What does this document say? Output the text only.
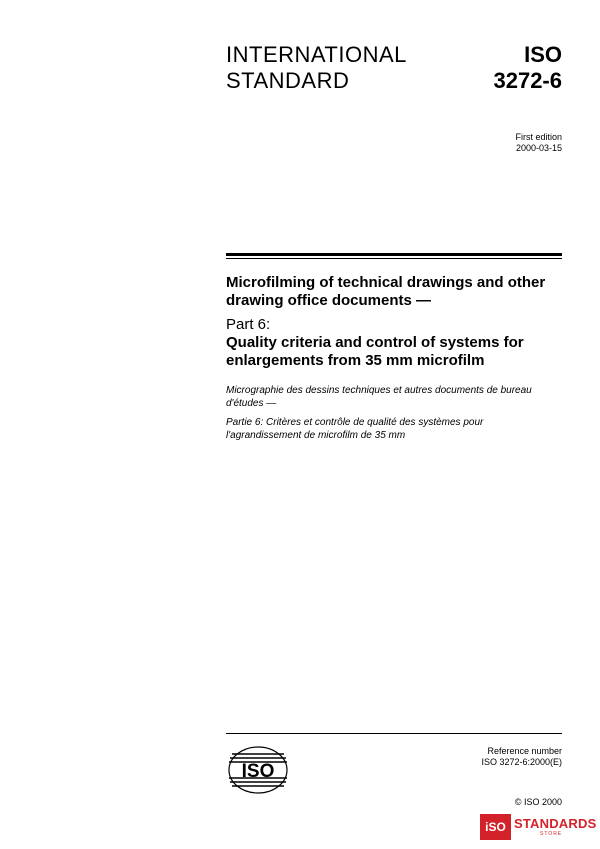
INTERNATIONAL
STANDARD
ISO
3272-6
First edition
2000-03-15
Microfilming of technical drawings and other drawing office documents —
Part 6:
Quality criteria and control of systems for enlargements from 35 mm microfilm
Micrographie des dessins techniques et autres documents de bureau d'études —
Partie 6: Critères et contrôle de qualité des systèmes pour l'agrandissement de microfilm de 35 mm
ISO
Reference number
ISO 3272-6:2000(E)
© ISO 2000
iSO STANDARDS
STORE
